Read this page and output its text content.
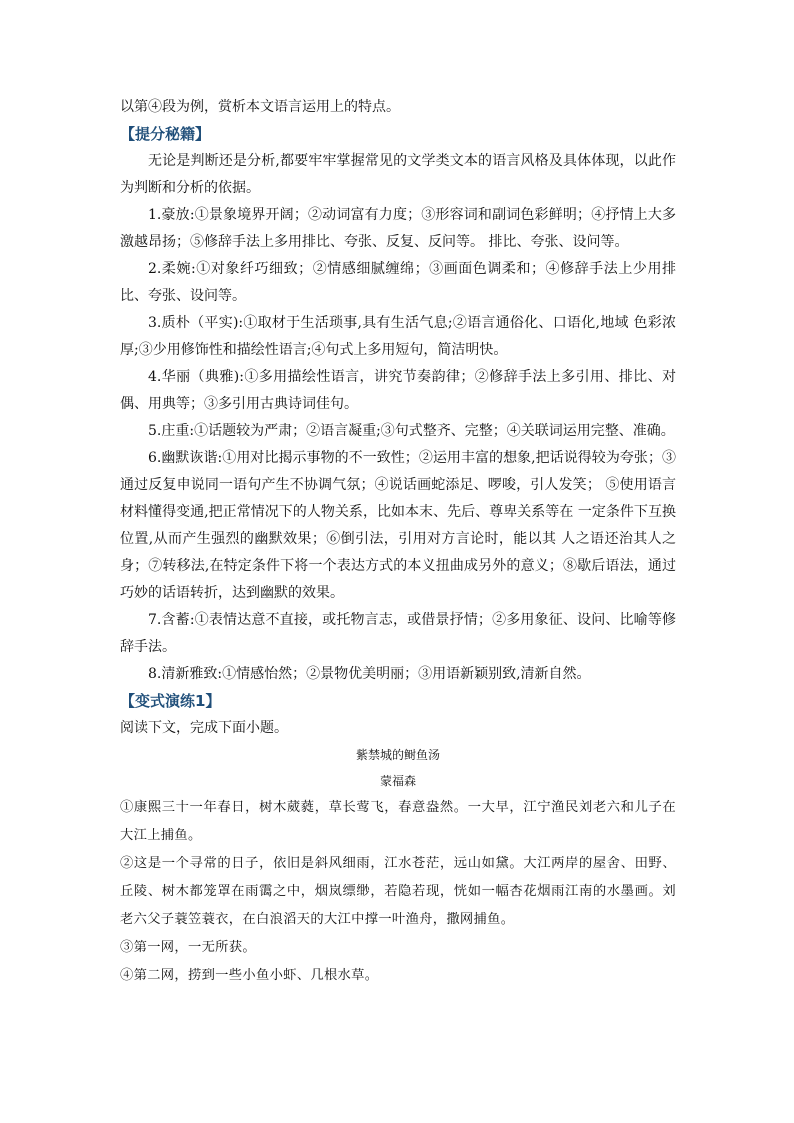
以第④段为例，赏析本文语言运用上的特点。

【提分秘籍】

无论是判断还是分析,都要牢牢掌握常见的文学类文本的语言风格及具体体现，以此作为判断和分析的依据。

1.豪放:①景象境界开阔；②动词富有力度；③形容词和副词色彩鲜明；④抒情上大多激越昂扬；⑤修辞手法上多用排比、夸张、反复、反问等。 排比、夸张、设问等。

2.柔婉:①对象纤巧细致；②情感细腻缠绵；③画面色调柔和；④修辞手法上少用排比、夸张、设问等。

3.质朴（平实):①取材于生活琐事,具有生活气息;②语言通俗化、口语化,地域 色彩浓厚;③少用修饰性和描绘性语言;④句式上多用短句，简洁明快。

4.华丽（典雅):①多用描绘性语言，讲究节奏韵律；②修辞手法上多引用、排比、对偶、用典等；③多引用古典诗词佳句。

5.庄重:①话题较为严肃；②语言凝重;③句式整齐、完整；④关联词运用完整、准确。

6.幽默诙谐:①用对比揭示事物的不一致性；②运用丰富的想象,把话说得较为夸张；③通过反复申说同一语句产生不协调气氛；④说话画蛇添足、啰唆，引人发笑； ⑤使用语言材料懂得变通,把正常情况下的人物关系，比如本末、先后、尊卑关系等在 一定条件下互换位置,从而产生强烈的幽默效果；⑥倒引法，引用对方言论时，能以其 人之语还治其人之身；⑦转移法,在特定条件下将一个表达方式的本义扭曲成另外的意义；⑧歇后语法，通过巧妙的话语转折，达到幽默的效果。

7.含蓄:①表情达意不直接，或托物言志，或借景抒情；②多用象征、设问、比喻等修辞手法。

8.清新雅致:①情感怡然；②景物优美明丽；③用语新颖别致,清新自然。

【变式演练1】

阅读下文，完成下面小题。

紫禁城的鲥鱼汤

蒙福森

①康熙三十一年春日，树木葳蕤，草长莺飞，春意盎然。一大早，江宁渔民刘老六和儿子在大江上捕鱼。

②这是一个寻常的日子，依旧是斜风细雨，江水苍茫，远山如黛。大江两岸的屋舍、田野、丘陵、树木都笼罩在雨霭之中，烟岚缥缈，若隐若现，恍如一幅杏花烟雨江南的水墨画。刘老六父子蓑笠蓑衣，在白浪滔天的大江中撑一叶渔舟，撒网捕鱼。

③第一网，一无所获。

④第二网，捞到一些小鱼小虾、几根水草。
